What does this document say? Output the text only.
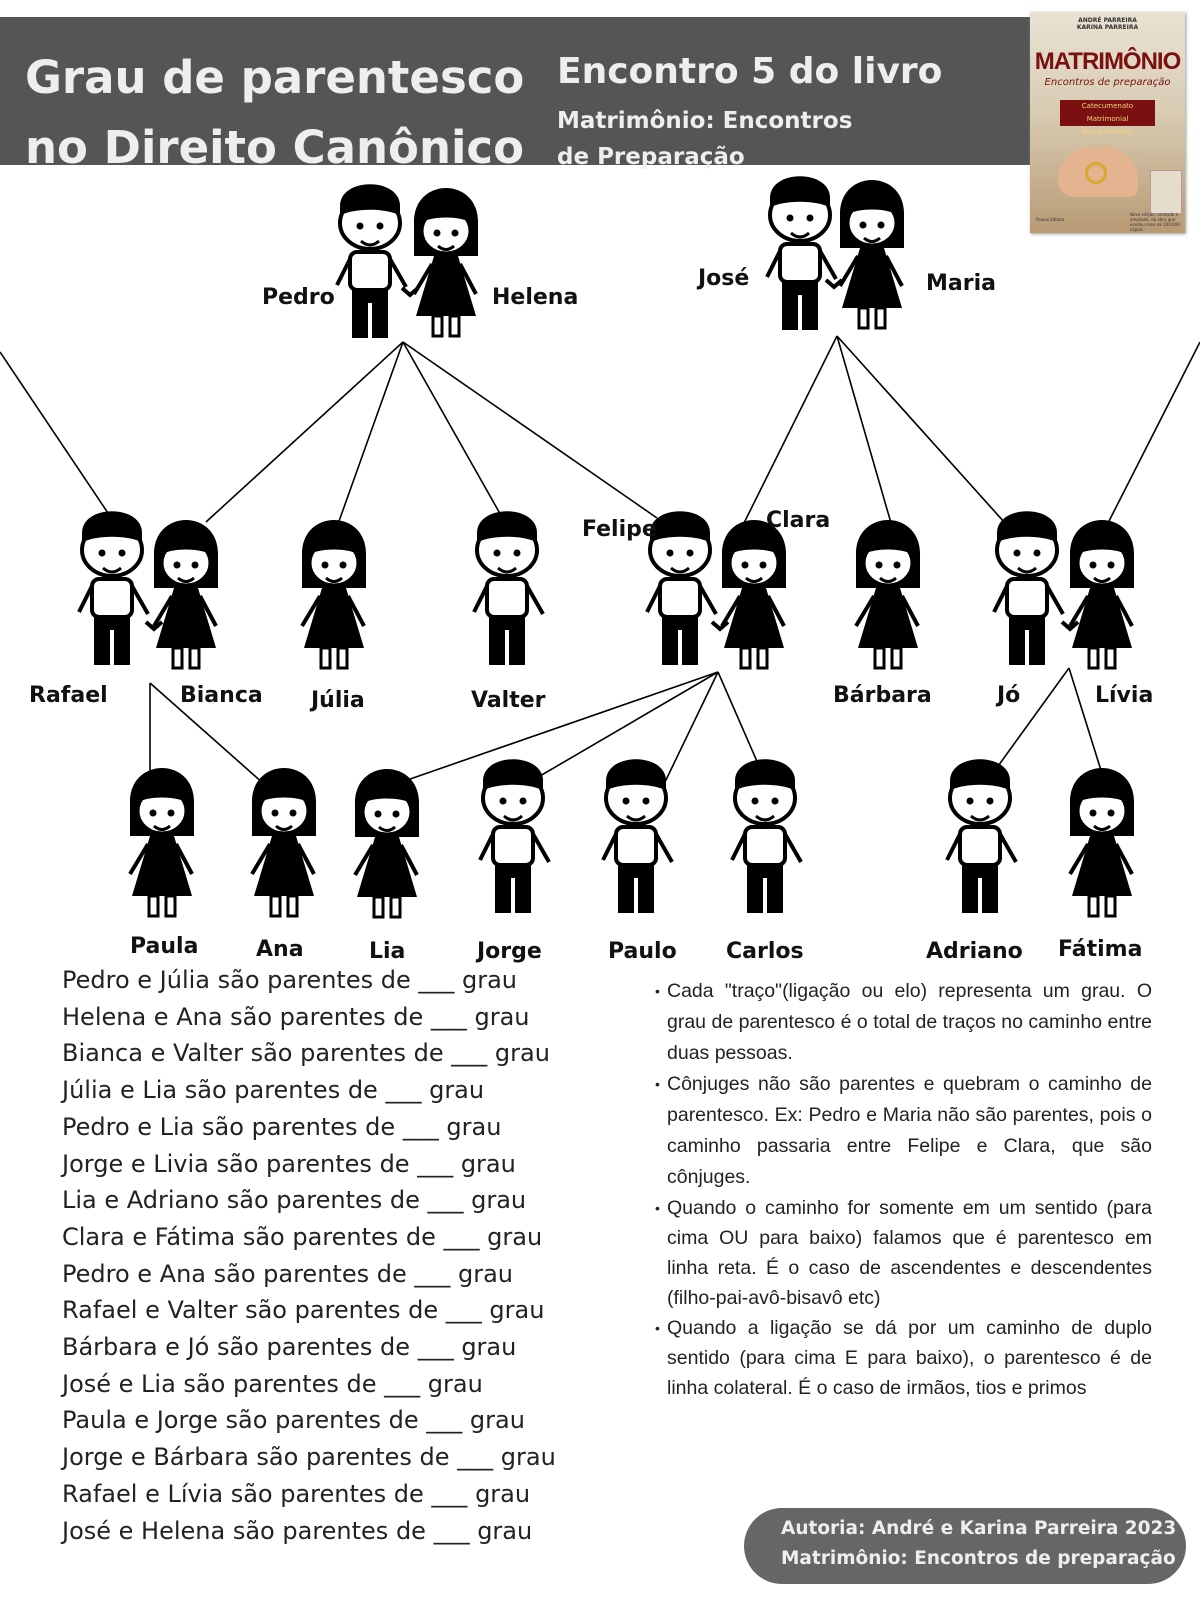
Grau de parentesco
no Direito Canônico
Encontro 5 do livro
Matrimônio: Encontros
de Preparação
ANDRÉ PARREIRA
KARINA PARREIRA
MATRIMÔNIO
Encontros de preparação
Catecumenato Matrimonial
Etapa Próxima
Nova edição, revisada e ampliada, da obra que vendeu mais de 100.000 cópias
Paulus Editora
Pedro	Helena
José	Maria
Rafael	Bianca Júlia	Valter
Felipe	Clara
Bárbara	Jó	Lívia
Paula	Ana	Lia	Jorge	Paulo Carlos	Adriano Fátima
Pedro e Júlia são parentes de ___ grau
Helena e Ana são parentes de ___ grau
Bianca e Valter são parentes de ___ grau
Júlia e Lia são parentes de ___ grau
Pedro e Lia são parentes de ___ grau
Jorge e Livia são parentes de ___ grau
Lia e Adriano são parentes de ___ grau
Clara e Fátima são parentes de ___ grau
Pedro e Ana são parentes de ___ grau
Rafael e Valter são parentes de ___ grau
Bárbara e Jó são parentes de ___ grau
José e Lia são parentes de ___ grau
Paula e Jorge são parentes de ___ grau
Jorge e Bárbara são parentes de ___ grau
Rafael e Lívia são parentes de ___ grau
José e Helena são parentes de ___ grau
• Cada "traço"(ligação ou elo) representa um grau. O grau de parentesco é o total de traços no caminho entre duas pessoas.
• Cônjuges não são parentes e quebram o caminho de parentesco. Ex: Pedro e Maria não são parentes, pois o caminho passaria entre Felipe e Clara, que são cônjuges.
• Quando o caminho for somente em um sentido (para cima OU para baixo) falamos que é parentesco em linha reta. É o caso de ascendentes e descendentes (filho-pai-avô-bisavô etc)
• Quando a ligação se dá por um caminho de duplo sentido (para cima E para baixo), o parentesco é de linha colateral. É o caso de irmãos, tios e primos
Autoria: André e Karina Parreira 2023
Matrimônio: Encontros de preparação
